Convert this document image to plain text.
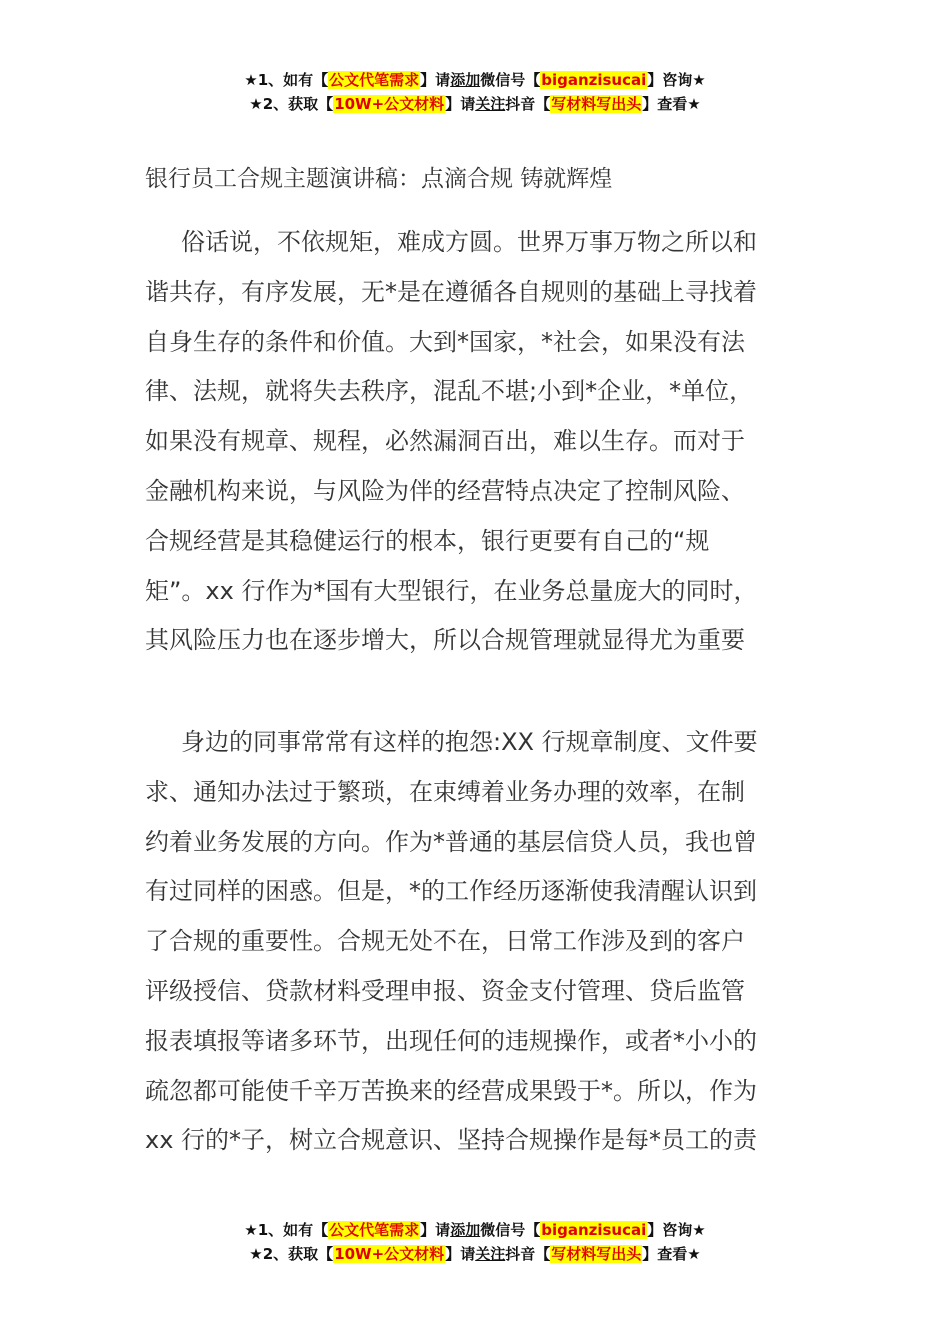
★1、如有【公文代笔需求】请添加微信号【biganzisucai】咨询★
★2、获取【10W+公文材料】请关注抖音【写材料写出头】查看★
银行员工合规主题演讲稿：点滴合规 铸就辉煌
俗话说，不依规矩，难成方圆。世界万事万物之所以和
谐共存，有序发展，无*是在遵循各自规则的基础上寻找着
自身生存的条件和价值。大到*国家，*社会，如果没有法
律、法规，就将失去秩序，混乱不堪;小到*企业，*单位，
如果没有规章、规程，必然漏洞百出，难以生存。而对于
金融机构来说，与风险为伴的经营特点决定了控制风险、
合规经营是其稳健运行的根本，银行更要有自己的“规
矩”。xx 行作为*国有大型银行，在业务总量庞大的同时，
其风险压力也在逐步增大，所以合规管理就显得尤为重要
身边的同事常常有这样的抱怨:XX 行规章制度、文件要
求、通知办法过于繁琐，在束缚着业务办理的效率，在制
约着业务发展的方向。作为*普通的基层信贷人员，我也曾
有过同样的困惑。但是，*的工作经历逐渐使我清醒认识到
了合规的重要性。合规无处不在，日常工作涉及到的客户
评级授信、贷款材料受理申报、资金支付管理、贷后监管
报表填报等诸多环节，出现任何的违规操作，或者*小小的
疏忽都可能使千辛万苦换来的经营成果毁于*。所以，作为
xx 行的*子，树立合规意识、坚持合规操作是每*员工的责
★1、如有【公文代笔需求】请添加微信号【biganzisucai】咨询★
★2、获取【10W+公文材料】请关注抖音【写材料写出头】查看★
